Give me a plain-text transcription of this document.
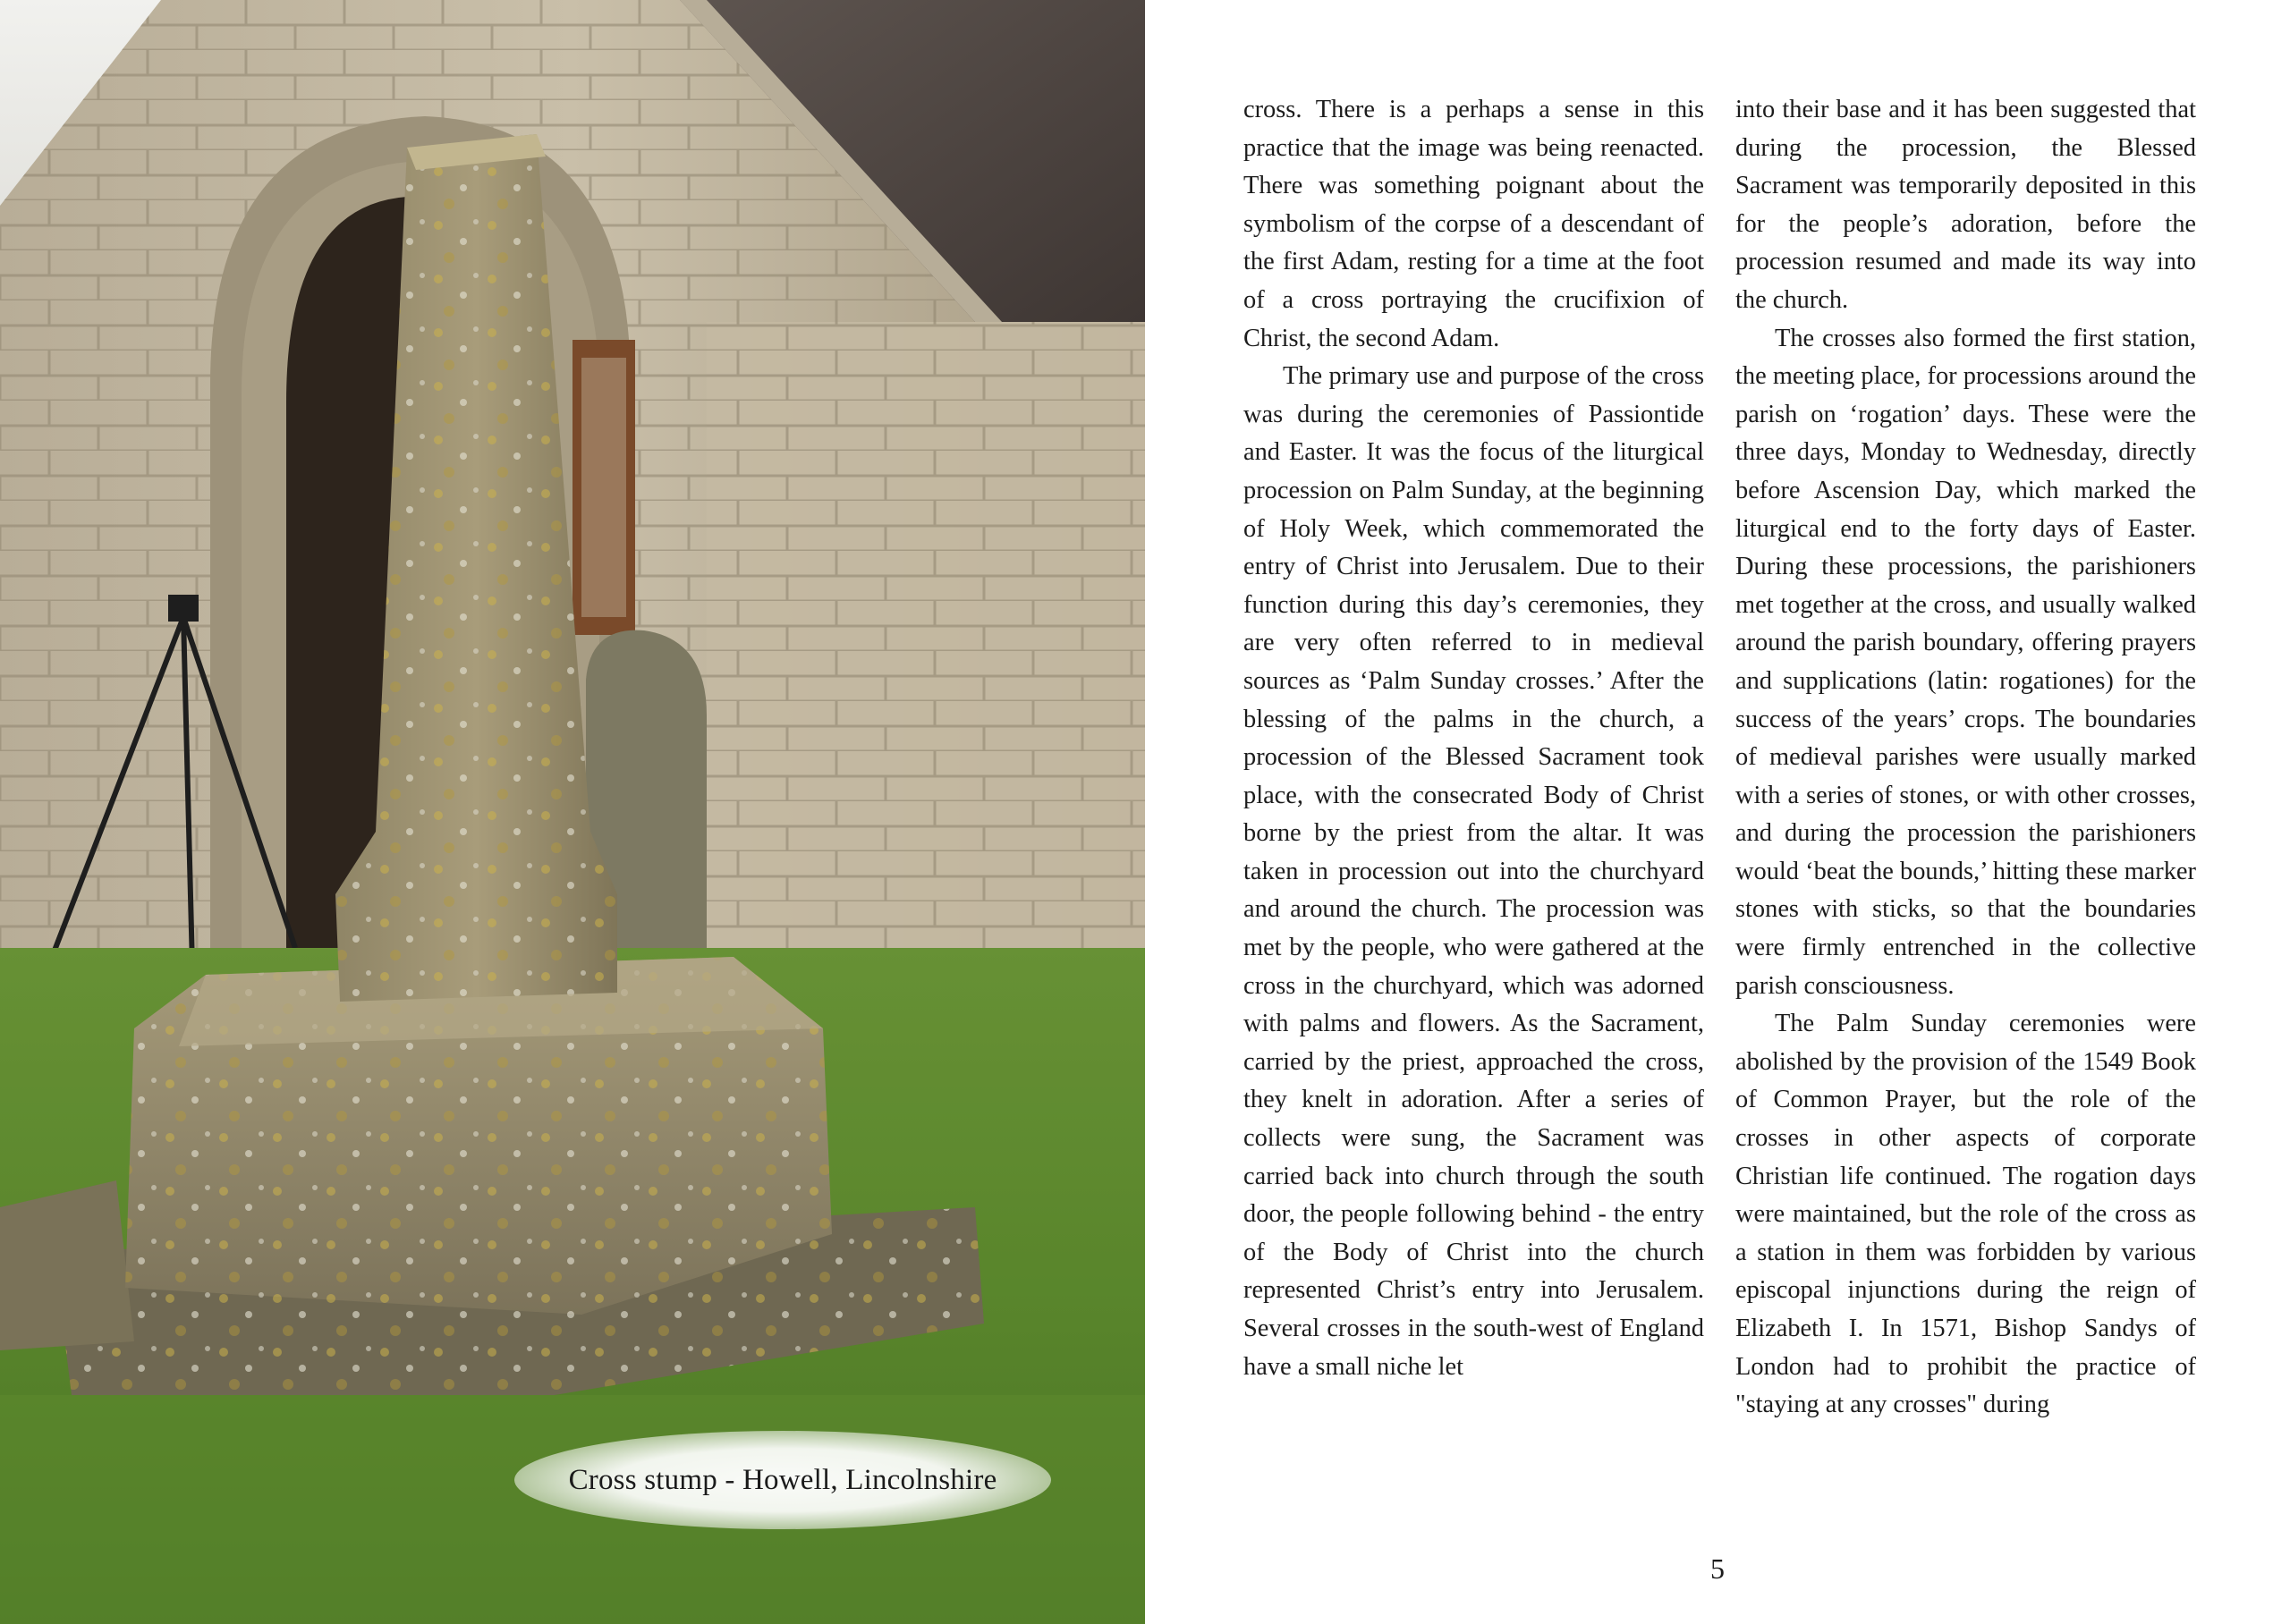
Cross stump - Howell, Lincolnshire

cross. There is a perhaps a sense in this practice that the image was being reenacted. There was something poignant about the symbolism of the corpse of a descendant of the first Adam, resting for a time at the foot of a cross portraying the crucifixion of Christ, the second Adam.

The primary use and purpose of the cross was during the ceremonies of Passiontide and Easter. It was the focus of the liturgical procession on Palm Sunday, at the beginning of Holy Week, which commemorated the entry of Christ into Jerusalem. Due to their function during this day’s ceremonies, they are very often referred to in medieval sources as ‘Palm Sunday crosses.’ After the blessing of the palms in the church, a procession of the Blessed Sacrament took place, with the consecrated Body of Christ borne by the priest from the altar. It was taken in procession out into the churchyard and around the church. The procession was met by the people, who were gathered at the cross in the churchyard, which was adorned with palms and flowers. As the Sacrament, carried by the priest, approached the cross, they knelt in adoration. After a series of collects were sung, the Sacrament was carried back into church through the south door, the people following behind - the entry of the Body of Christ into the church represented Christ’s entry into Jerusalem. Several crosses in the south-west of England have a small niche let

into their base and it has been suggested that during the procession, the Blessed Sacrament was temporarily deposited in this for the people’s adoration, before the procession resumed and made its way into the church.

The crosses also formed the first station, the meeting place, for processions around the parish on ‘rogation’ days. These were the three days, Monday to Wednesday, directly before Ascension Day, which marked the liturgical end to the forty days of Easter. During these processions, the parishioners met together at the cross, and usually walked around the parish boundary, offering prayers and supplications (latin: rogationes) for the success of the years’ crops. The boundaries of medieval parishes were usually marked with a series of stones, or with other crosses, and during the procession the parishioners would ‘beat the bounds,’ hitting these marker stones with sticks, so that the boundaries were firmly entrenched in the collective parish consciousness.

The Palm Sunday ceremonies were abolished by the provision of the 1549 Book of Common Prayer, but the role of the crosses in other aspects of corporate Christian life continued. The rogation days were maintained, but the role of the cross as a station in them was forbidden by various episcopal injunctions during the reign of Elizabeth I. In 1571, Bishop Sandys of London had to prohibit the practice of "staying at any crosses" during

5
